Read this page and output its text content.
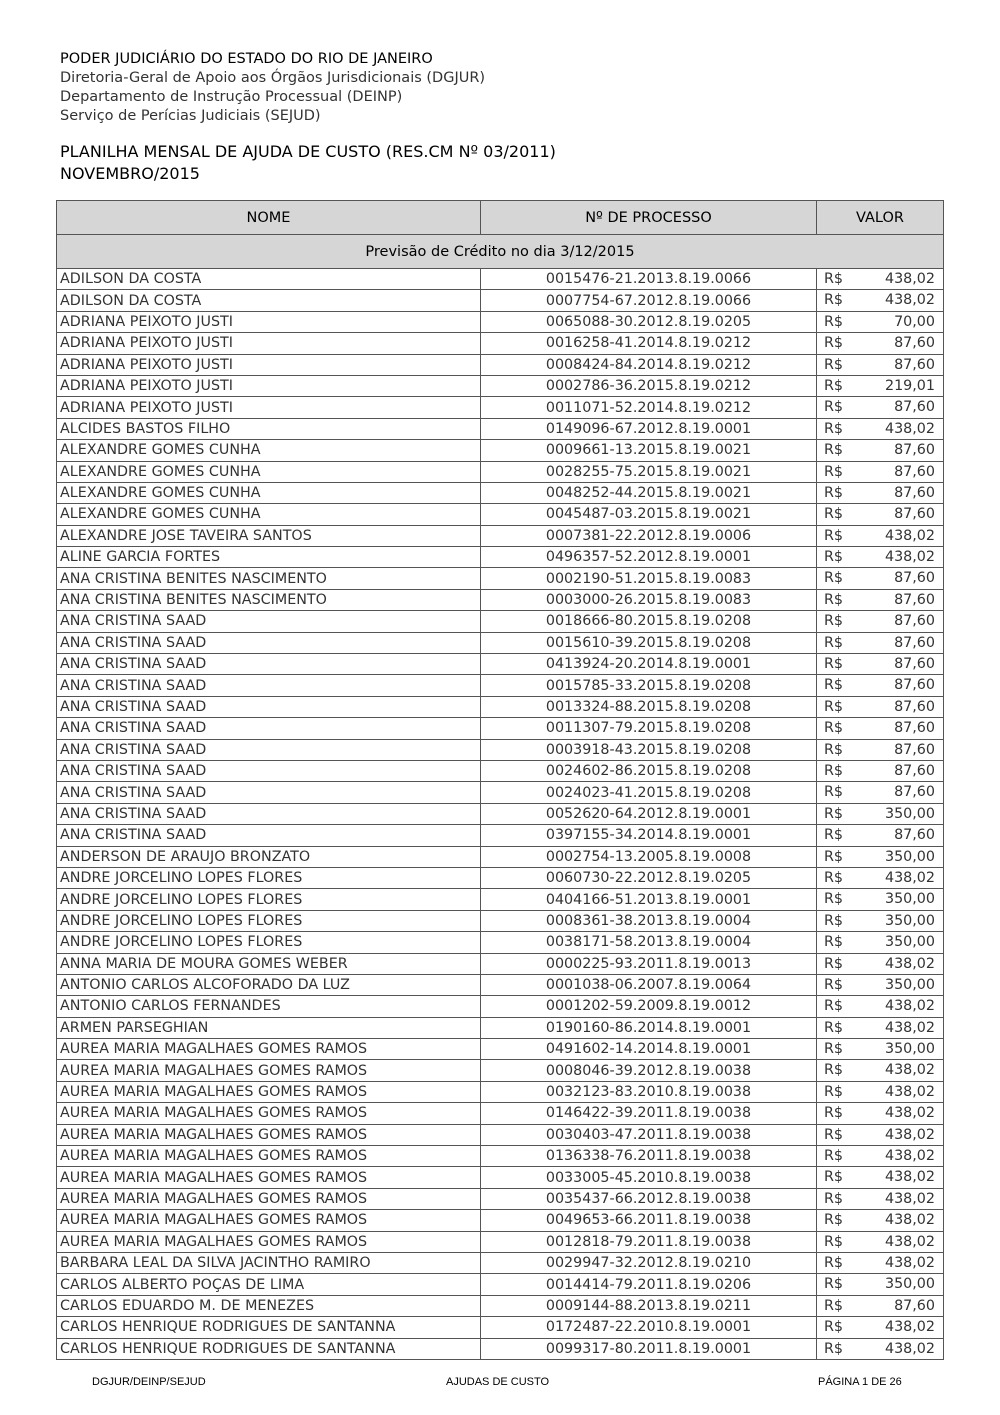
PODER JUDICIÁRIO DO ESTADO DO RIO DE JANEIRO
Diretoria-Geral de Apoio aos Órgãos Jurisdicionais (DGJUR)
Departamento de Instrução Processual (DEINP)
Serviço de Perícias Judiciais (SEJUD)
PLANILHA MENSAL DE AJUDA DE CUSTO (RES.CM Nº 03/2011)
NOVEMBRO/2015
NOME	Nº DE PROCESSO	VALOR
Previsão de Crédito no dia 3/12/2015		
ADILSON DA COSTA	0015476-21.2013.8.19.0066	R$ 438,02

ADILSON DA COSTA	0007754-67.2012.8.19.0066	R$ 438,02

ADRIANA PEIXOTO JUSTI	0065088-30.2012.8.19.0205	R$ 70,00

ADRIANA PEIXOTO JUSTI	0016258-41.2014.8.19.0212	R$ 87,60

ADRIANA PEIXOTO JUSTI	0008424-84.2014.8.19.0212	R$ 87,60

ADRIANA PEIXOTO JUSTI	0002786-36.2015.8.19.0212	R$ 219,01

ADRIANA PEIXOTO JUSTI	0011071-52.2014.8.19.0212	R$ 87,60

ALCIDES BASTOS FILHO	0149096-67.2012.8.19.0001	R$ 438,02

ALEXANDRE GOMES CUNHA	0009661-13.2015.8.19.0021	R$ 87,60

ALEXANDRE GOMES CUNHA	0028255-75.2015.8.19.0021	R$ 87,60

ALEXANDRE GOMES CUNHA	0048252-44.2015.8.19.0021	R$ 87,60

ALEXANDRE GOMES CUNHA	0045487-03.2015.8.19.0021	R$ 87,60

ALEXANDRE JOSE TAVEIRA SANTOS	0007381-22.2012.8.19.0006	R$ 438,02

ALINE GARCIA FORTES	0496357-52.2012.8.19.0001	R$ 438,02

ANA CRISTINA BENITES NASCIMENTO	0002190-51.2015.8.19.0083	R$ 87,60

ANA CRISTINA BENITES NASCIMENTO	0003000-26.2015.8.19.0083	R$ 87,60

ANA CRISTINA SAAD	0018666-80.2015.8.19.0208	R$ 87,60

ANA CRISTINA SAAD	0015610-39.2015.8.19.0208	R$ 87,60

ANA CRISTINA SAAD	0413924-20.2014.8.19.0001	R$ 87,60

ANA CRISTINA SAAD	0015785-33.2015.8.19.0208	R$ 87,60

ANA CRISTINA SAAD	0013324-88.2015.8.19.0208	R$ 87,60

ANA CRISTINA SAAD	0011307-79.2015.8.19.0208	R$ 87,60

ANA CRISTINA SAAD	0003918-43.2015.8.19.0208	R$ 87,60

ANA CRISTINA SAAD	0024602-86.2015.8.19.0208	R$ 87,60

ANA CRISTINA SAAD	0024023-41.2015.8.19.0208	R$ 87,60

ANA CRISTINA SAAD	0052620-64.2012.8.19.0001	R$ 350,00

ANA CRISTINA SAAD	0397155-34.2014.8.19.0001	R$ 87,60

ANDERSON DE ARAUJO BRONZATO	0002754-13.2005.8.19.0008	R$ 350,00

ANDRE JORCELINO LOPES FLORES	0060730-22.2012.8.19.0205	R$ 438,02

ANDRE JORCELINO LOPES FLORES	0404166-51.2013.8.19.0001	R$ 350,00

ANDRE JORCELINO LOPES FLORES	0008361-38.2013.8.19.0004	R$ 350,00

ANDRE JORCELINO LOPES FLORES	0038171-58.2013.8.19.0004	R$ 350,00

ANNA MARIA DE MOURA GOMES WEBER	0000225-93.2011.8.19.0013	R$ 438,02

ANTONIO CARLOS ALCOFORADO DA LUZ	0001038-06.2007.8.19.0064	R$ 350,00

ANTONIO CARLOS FERNANDES	0001202-59.2009.8.19.0012	R$ 438,02

ARMEN PARSEGHIAN	0190160-86.2014.8.19.0001	R$ 438,02

AUREA MARIA MAGALHAES GOMES RAMOS	0491602-14.2014.8.19.0001	R$ 350,00

AUREA MARIA MAGALHAES GOMES RAMOS	0008046-39.2012.8.19.0038	R$ 438,02

AUREA MARIA MAGALHAES GOMES RAMOS	0032123-83.2010.8.19.0038	R$ 438,02

AUREA MARIA MAGALHAES GOMES RAMOS	0146422-39.2011.8.19.0038	R$ 438,02

AUREA MARIA MAGALHAES GOMES RAMOS	0030403-47.2011.8.19.0038	R$ 438,02

AUREA MARIA MAGALHAES GOMES RAMOS	0136338-76.2011.8.19.0038	R$ 438,02

AUREA MARIA MAGALHAES GOMES RAMOS	0033005-45.2010.8.19.0038	R$ 438,02

AUREA MARIA MAGALHAES GOMES RAMOS	0035437-66.2012.8.19.0038	R$ 438,02

AUREA MARIA MAGALHAES GOMES RAMOS	0049653-66.2011.8.19.0038	R$ 438,02

AUREA MARIA MAGALHAES GOMES RAMOS	0012818-79.2011.8.19.0038	R$ 438,02

BARBARA LEAL DA SILVA JACINTHO RAMIRO	0029947-32.2012.8.19.0210	R$ 438,02

CARLOS ALBERTO POÇAS DE LIMA	0014414-79.2011.8.19.0206	R$ 350,00

CARLOS EDUARDO M. DE MENEZES	0009144-88.2013.8.19.0211	R$ 87,60

CARLOS HENRIQUE RODRIGUES DE SANTANNA	0172487-22.2010.8.19.0001	R$ 438,02

CARLOS HENRIQUE RODRIGUES DE SANTANNA	0099317-80.2011.8.19.0001	R$ 438,02
DGJUR/DEINP/SEJUD	AJUDAS DE CUSTO	PÁGINA 1 DE 26
